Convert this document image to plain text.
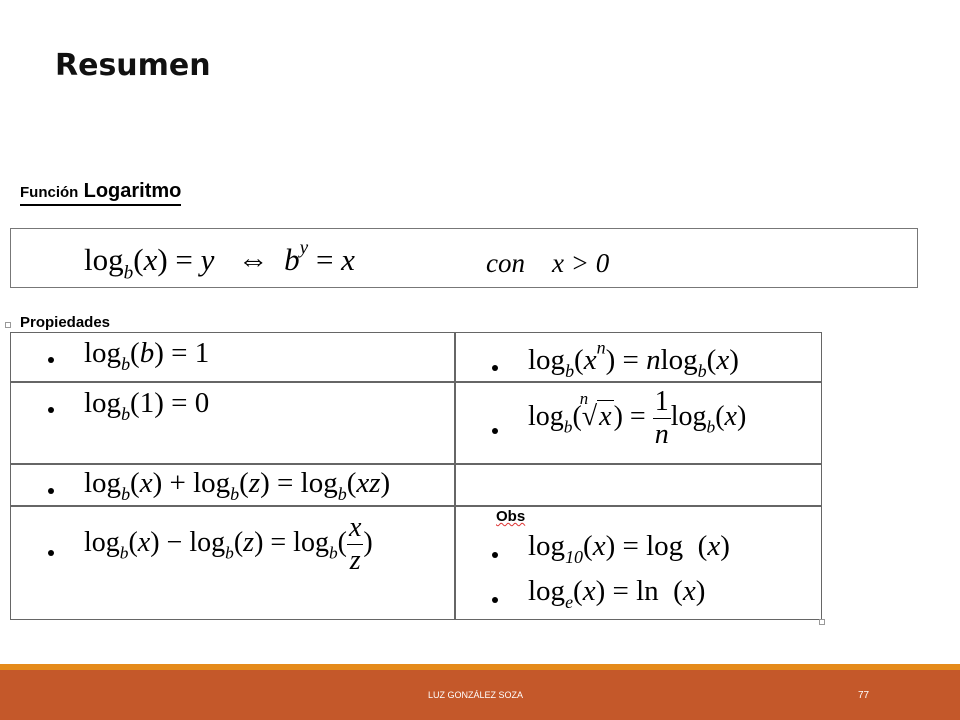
Resumen
Función Logaritmo
$\log_b(x) = y$   ⇔  $b^y = x$	con x > 0
Propiedades
$\log_b(b) = 1$
$\log_b(1) = 0$
$\log_b(x) + \log_b(z) = \log_b(xz)$
$\log_b(x) - \log_b(z) = \log_b( \frac{x}{z}$ )
$\log_b(x^n) = nlog_b(x)$
$\log_b$(
n
$√x) = \frac{1}{n} \log_b(x)$
Obs
$\log_{10}(x) = \log (x)$
$\log_e(x) = \ln (x)$
LUZ GONZÁLEZ SOZA	77
